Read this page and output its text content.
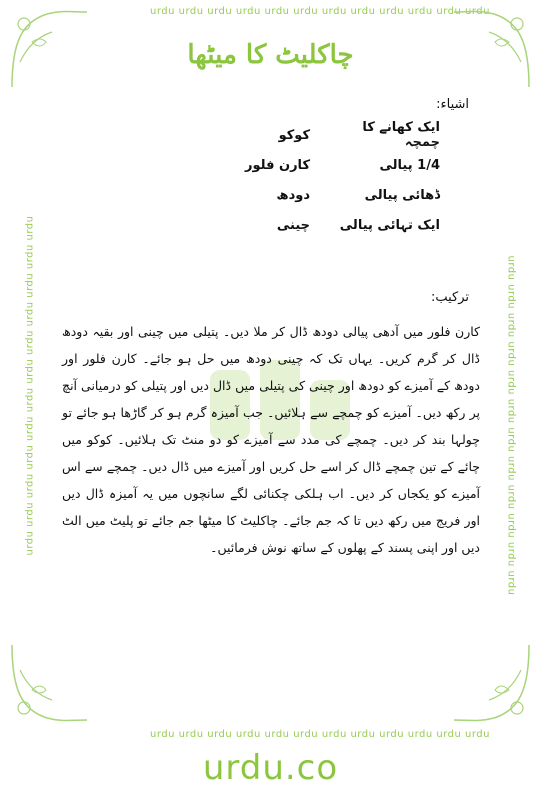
urdu urdu urdu urdu urdu urdu urdu urdu urdu urdu urdu urdu
urdu urdu urdu urdu urdu urdu urdu urdu urdu urdu urdu urdu
urdu urdu urdu urdu urdu urdu urdu urdu urdu urdu urdu urdu	urdu urdu urdu urdu urdu urdu urdu urdu urdu urdu urdu urdu
چاکلیٹ کا میٹھا
اشیاء:
ایک کھانے کا چمچہ
کوکو
1/4 پیالی
کارن فلور
ڈھائی پیالی
دودھ
ایک تہائی پیالی
چینی
ترکیب:
کارن فلور میں آدھی پیالی دودھ ڈال کر ملا دیں۔ پتیلی میں چینی اور بقیہ دودھ ڈال کر گرم کریں۔ یہاں تک کہ چینی دودھ میں حل ہو جائے۔ کارن فلور اور دودھ کے آمیزے کو دودھ اور چینی کی پتیلی میں ڈال دیں اور پتیلی کو درمیانی آنچ پر رکھ دیں۔ آمیزے کو چمچے سے ہلائیں۔ جب آمیزہ گرم ہو کر گاڑھا ہو جائے تو چولہا بند کر دیں۔ چمچے کی مدد سے آمیزے کو دو منٹ تک ہلائیں۔ کوکو میں چائے کے تین چمچے ڈال کر اسے حل کریں اور آمیزے میں ڈال دیں۔ چمچے سے اس آمیزے کو یکجاں کر دیں۔ اب ہلکی چکنائی لگے سانچوں میں یہ آمیزہ ڈال دیں اور فریج میں رکھ دیں تا کہ جم جائے۔ چاکلیٹ کا میٹھا جم جائے تو پلیٹ میں الٹ دیں اور اپنی پسند کے پھلوں کے ساتھ نوش فرمائیں۔
urdu.co
